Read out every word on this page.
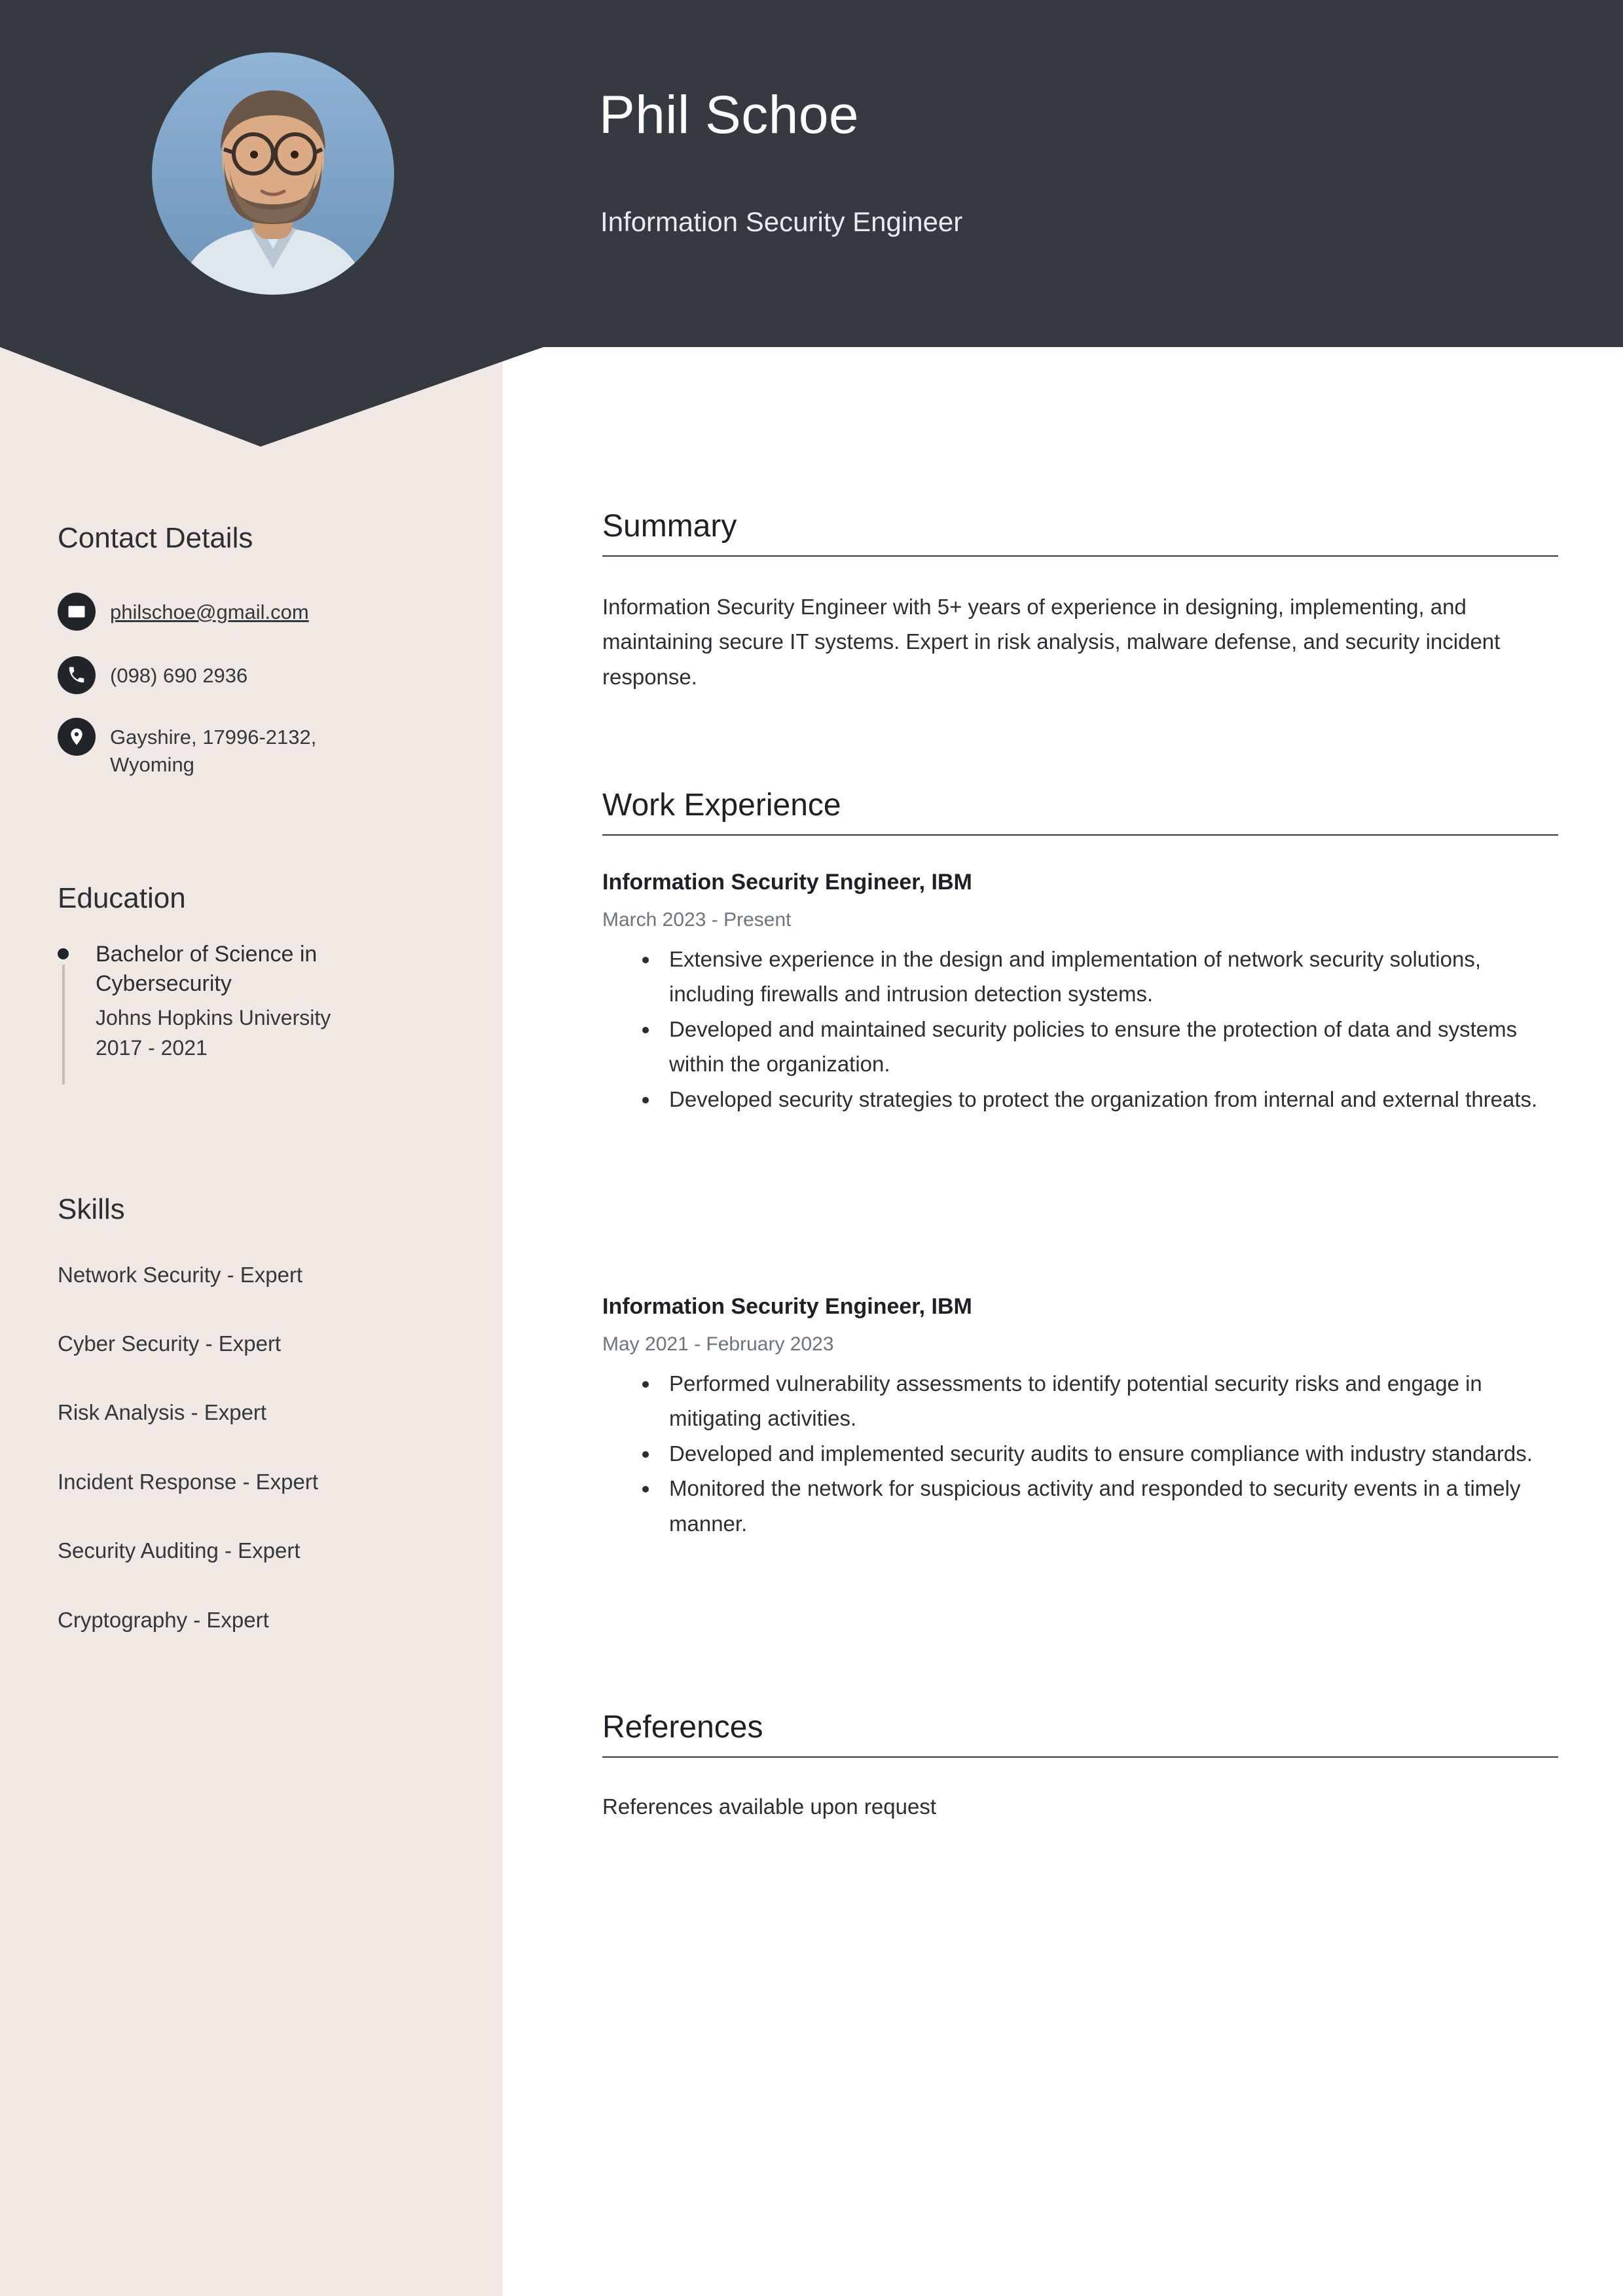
Phil Schoe
Information Security Engineer
Contact Details
philschoe@gmail.com
(098) 690 2936
Gayshire, 17996-2132, Wyoming
Education
Bachelor of Science in Cybersecurity
Johns Hopkins University
2017 - 2021
Skills
Network Security - Expert
Cyber Security - Expert
Risk Analysis - Expert
Incident Response - Expert
Security Auditing - Expert
Cryptography - Expert
Summary
Information Security Engineer with 5+ years of experience in designing, implementing, and maintaining secure IT systems. Expert in risk analysis, malware defense, and security incident response.
Work Experience
Information Security Engineer, IBM
March 2023 - Present
• Extensive experience in the design and implementation of network security solutions, including firewalls and intrusion detection systems.
• Developed and maintained security policies to ensure the protection of data and systems within the organization.
• Developed security strategies to protect the organization from internal and external threats.
Information Security Engineer, IBM
May 2021 - February 2023
• Performed vulnerability assessments to identify potential security risks and engage in mitigating activities.
• Developed and implemented security audits to ensure compliance with industry standards.
• Monitored the network for suspicious activity and responded to security events in a timely manner.
References
References available upon request
